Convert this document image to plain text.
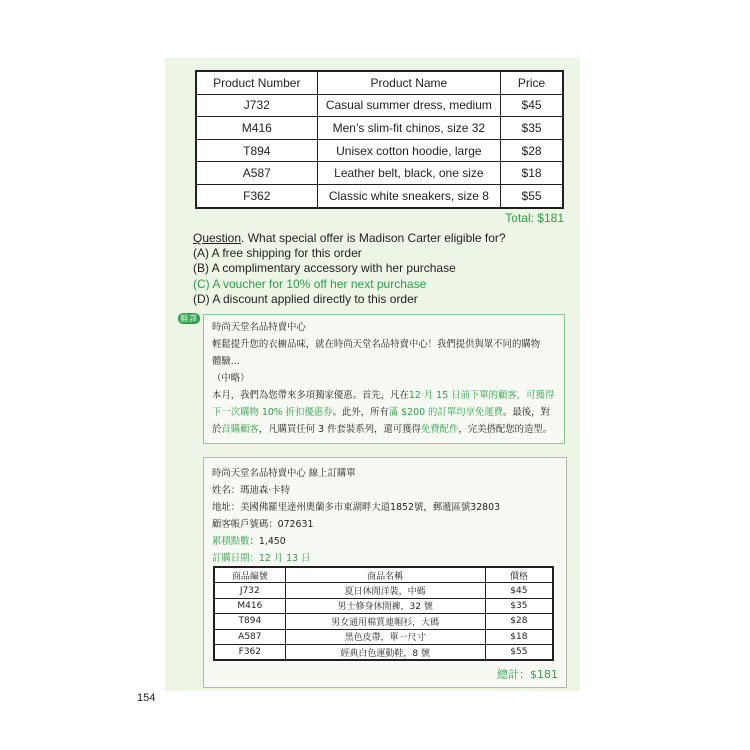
Product Number	Product Name	Price
J732	Casual summer dress, medium	$45
M416	Men’s slim-fit chinos, size 32	$35
T894	Unisex cotton hoodie, large	$28
A587	Leather belt, black, one size	$18
F362	Classic white sneakers, size 8	$55
Total: $181
Question. What special offer is Madison Carter eligible for?
(A) A free shipping for this order
(B) A complimentary accessory with her purchase
(C) A voucher for 10% off her next purchase
(D) A discount applied directly to this order
翻譯

時尚天堂名品特賣中心

輕鬆提升您的衣櫥品味，就在時尚天堂名品特賣中心！我們提供與眾不同的購物

體驗...

（中略）

本月，我們為您帶來多項獨家優惠。首先，凡在12 月 15 日前下單的顧客，可獲得 下一次購物 10% 折扣優惠券。此外，所有滿 $200 的訂單均享免運費。最後，對於首購顧客，凡購買任何 3 件套裝系列，還可獲得免費配件，完美搭配您的造型。

時尚天堂名品特賣中心 線上訂購單

姓名：瑪迪森·卡特

地址：美國佛羅里達州奧蘭多市東湖畔大道1852號，郵遞區號32803

顧客帳戶號碼：072631

累積點數：1,450

訂購日期：12 月 13 日

商品編號	商品名稱	價格
J732	夏日休閒洋裝，中碼	$45
M416	男士修身休閒褲，32 號	$35
T894	男女通用棉質連帽衫，大碼	$28
A587	黑色皮帶，單一尺寸	$18
F362	經典白色運動鞋，8 號	$55
總計：$181
154
